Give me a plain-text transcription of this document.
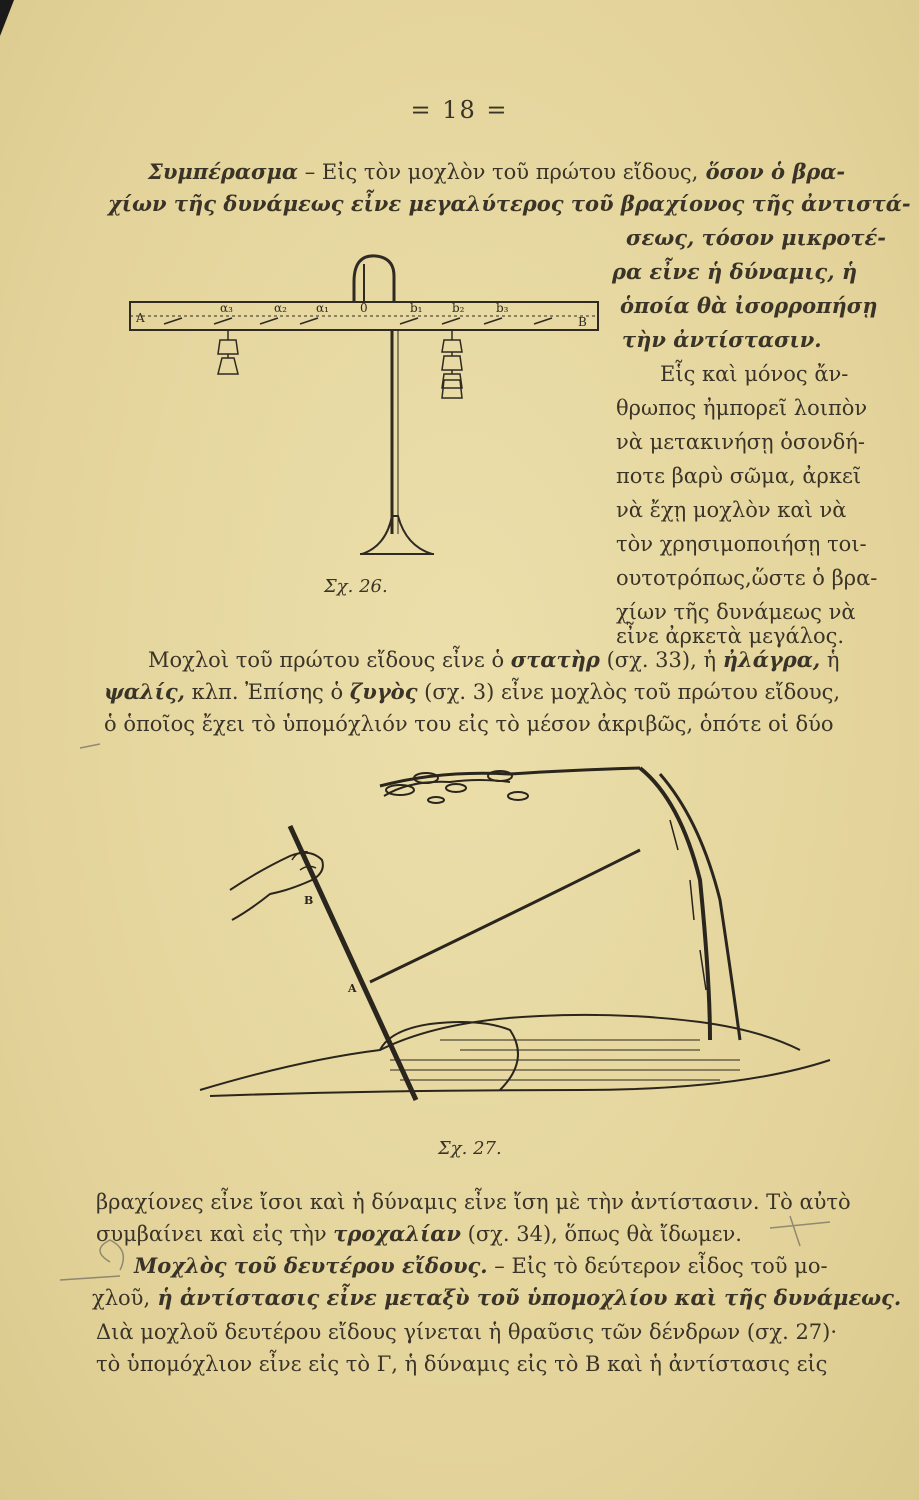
= 18 =
Συμπέρασμα – Εἰς τὸν μοχλὸν τοῦ πρώτου εἴδους, ὅσον ὁ βρα-
χίων τῆς δυνάμεως εἶνε μεγαλύτερος τοῦ βραχίονος τῆς ἀντιστά-
σεως, τόσον μικροτέ-
ρα εἶνε ἡ δύναμις, ἡ
ὁποία θὰ ἰσορροπήσῃ
τὴν ἀντίστασιν.
Εἷς καὶ μόνος ἄν-
θρωπος ἠμπορεῖ λοιπὸν
νὰ μετακινήσῃ ὁσονδή-
ποτε βαρὺ σῶμα, ἀρκεῖ
νὰ ἔχῃ μοχλὸν καὶ νὰ
τὸν χρησιμοποιήσῃ τοι-
ουτοτρόπως,ὥστε ὁ βρα-
χίων τῆς δυνάμεως νὰ
εἶνε ἀρκετὰ μεγάλος.
A
α₃	α₂ α₁	0	b₁ b₂	b₃
B
Σχ. 26.
Μοχλοὶ τοῦ πρώτου εἴδους εἶνε ὁ στατὴρ (σχ. 33), ἡ ἠλάγρα, ἡ
ψαλίς, κλπ. Ἐπίσης ὁ ζυγὸς (σχ. 3) εἶνε μοχλὸς τοῦ πρώτου εἴδους,
ὁ ὁποῖος ἔχει τὸ ὑπομόχλιόν του εἰς τὸ μέσον ἀκριβῶς, ὁπότε οἱ δύο
B
A
Σχ. 27.
βραχίονες εἶνε ἴσοι καὶ ἡ δύναμις εἶνε ἴση μὲ τὴν ἀντίστασιν. Τὸ αὐτὸ
συμβαίνει καὶ εἰς τὴν τροχαλίαν (σχ. 34), ὅπως θὰ ἴδωμεν.
Μοχλὸς τοῦ δευτέρου εἴδους. – Εἰς τὸ δεύτερον εἶδος τοῦ μο-
χλοῦ, ἡ ἀντίστασις εἶνε μεταξὺ τοῦ ὑπομοχλίου καὶ τῆς δυνάμεως.
Διὰ μοχλοῦ δευτέρου εἴδους γίνεται ἡ θραῦσις τῶν δένδρων (σχ. 27)·
τὸ ὑπομόχλιον εἶνε εἰς τὸ Γ, ἡ δύναμις εἰς τὸ Β καὶ ἡ ἀντίστασις εἰς
